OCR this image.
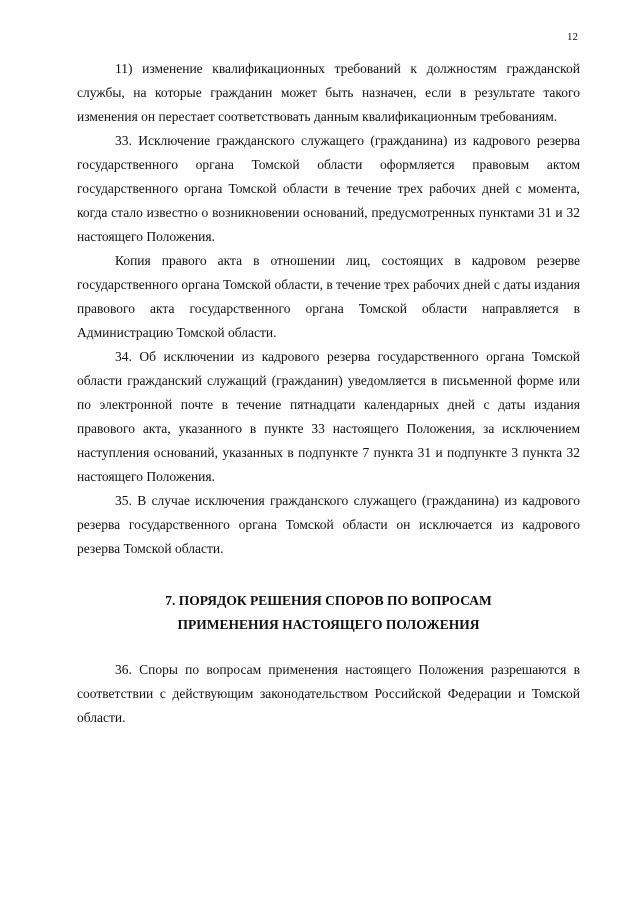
12

11) изменение квалификационных требований к должностям гражданской службы, на которые гражданин может быть назначен, если в результате такого изменения он перестает соответствовать данным квалификационным требованиям.

33. Исключение гражданского служащего (гражданина) из кадрового резерва государственного органа Томской области оформляется правовым актом государственного органа Томской области в течение трех рабочих дней с момента, когда стало известно о возникновении оснований, предусмотренных пунктами 31 и 32 настоящего Положения.

Копия правого акта в отношении лиц, состоящих в кадровом резерве государственного органа Томской области, в течение трех рабочих дней с даты издания правового акта государственного органа Томской области направляется в Администрацию Томской области.

34. Об исключении из кадрового резерва государственного органа Томской области гражданский служащий (гражданин) уведомляется в письменной форме или по электронной почте в течение пятнадцати календарных дней с даты издания правового акта, указанного в пункте 33 настоящего Положения, за исключением наступления оснований, указанных в подпункте 7 пункта 31 и подпункте 3 пункта 32 настоящего Положения.

35. В случае исключения гражданского служащего (гражданина) из кадрового резерва государственного органа Томской области он исключается из кадрового резерва Томской области.

7. ПОРЯДОК РЕШЕНИЯ СПОРОВ ПО ВОПРОСАМ
ПРИМЕНЕНИЯ НАСТОЯЩЕГО ПОЛОЖЕНИЯ

36. Споры по вопросам применения настоящего Положения разрешаются в соответствии с действующим законодательством Российской Федерации и Томской области.
